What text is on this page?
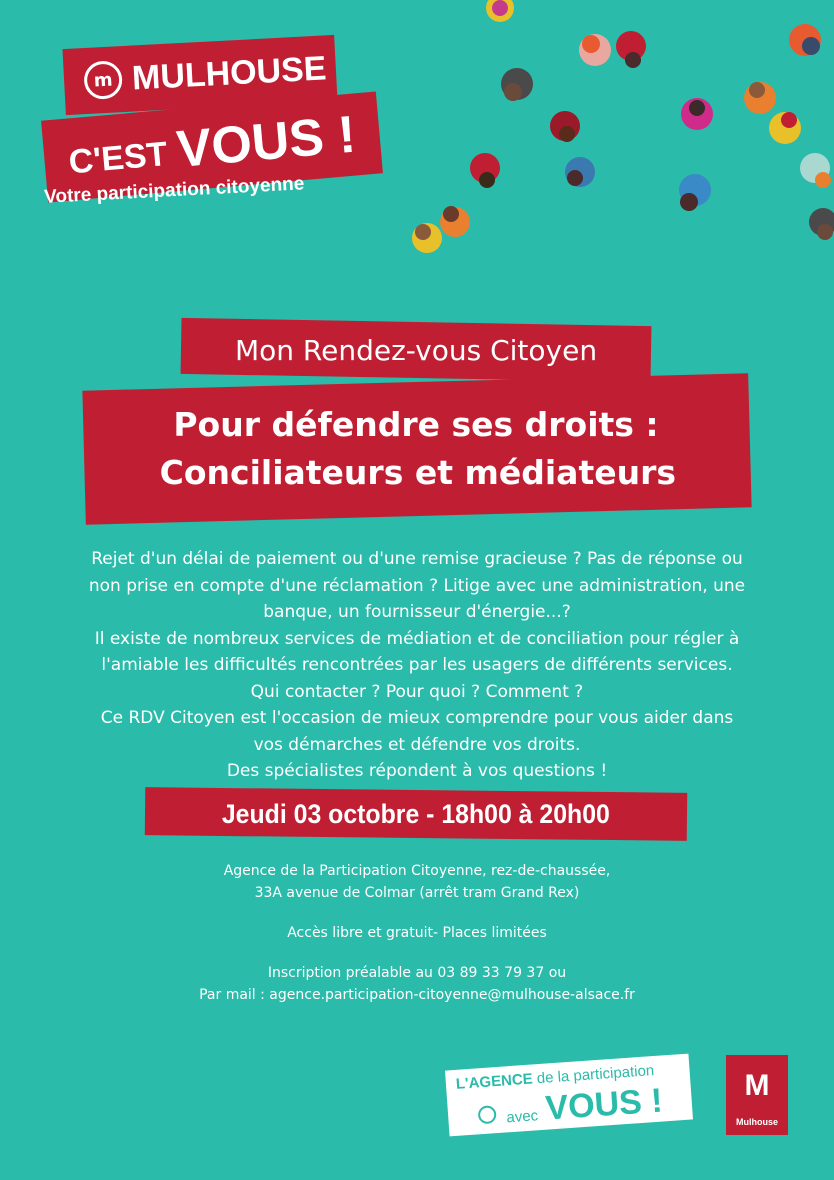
m MULHOUSE
C'EST VOUS !
Votre participation citoyenne
Mon Rendez-vous Citoyen
Pour défendre ses droits :
Conciliateurs et médiateurs
Rejet d'un délai de paiement ou d'une remise gracieuse ? Pas de réponse ou
non prise en compte d'une réclamation ? Litige avec une administration, une
banque, un fournisseur d'énergie...?
Il existe de nombreux services de médiation et de conciliation pour régler à
l'amiable les difficultés rencontrées par les usagers de différents services.
Qui contacter ? Pour quoi ? Comment ?
Ce RDV Citoyen est l'occasion de mieux comprendre pour vous aider dans
vos démarches et défendre vos droits.
Des spécialistes répondent à vos questions !
Jeudi 03 octobre - 18h00 à 20h00
Agence de la Participation Citoyenne, rez-de-chaussée,
33A avenue de Colmar (arrêt tram Grand Rex)
Accès libre et gratuit- Places limitées
Inscription préalable au 03 89 33 79 37 ou
Par mail : agence.participation-citoyenne@mulhouse-alsace.fr
L'AGENCE de la participation
avec VOUS !	M
Mulhouse
